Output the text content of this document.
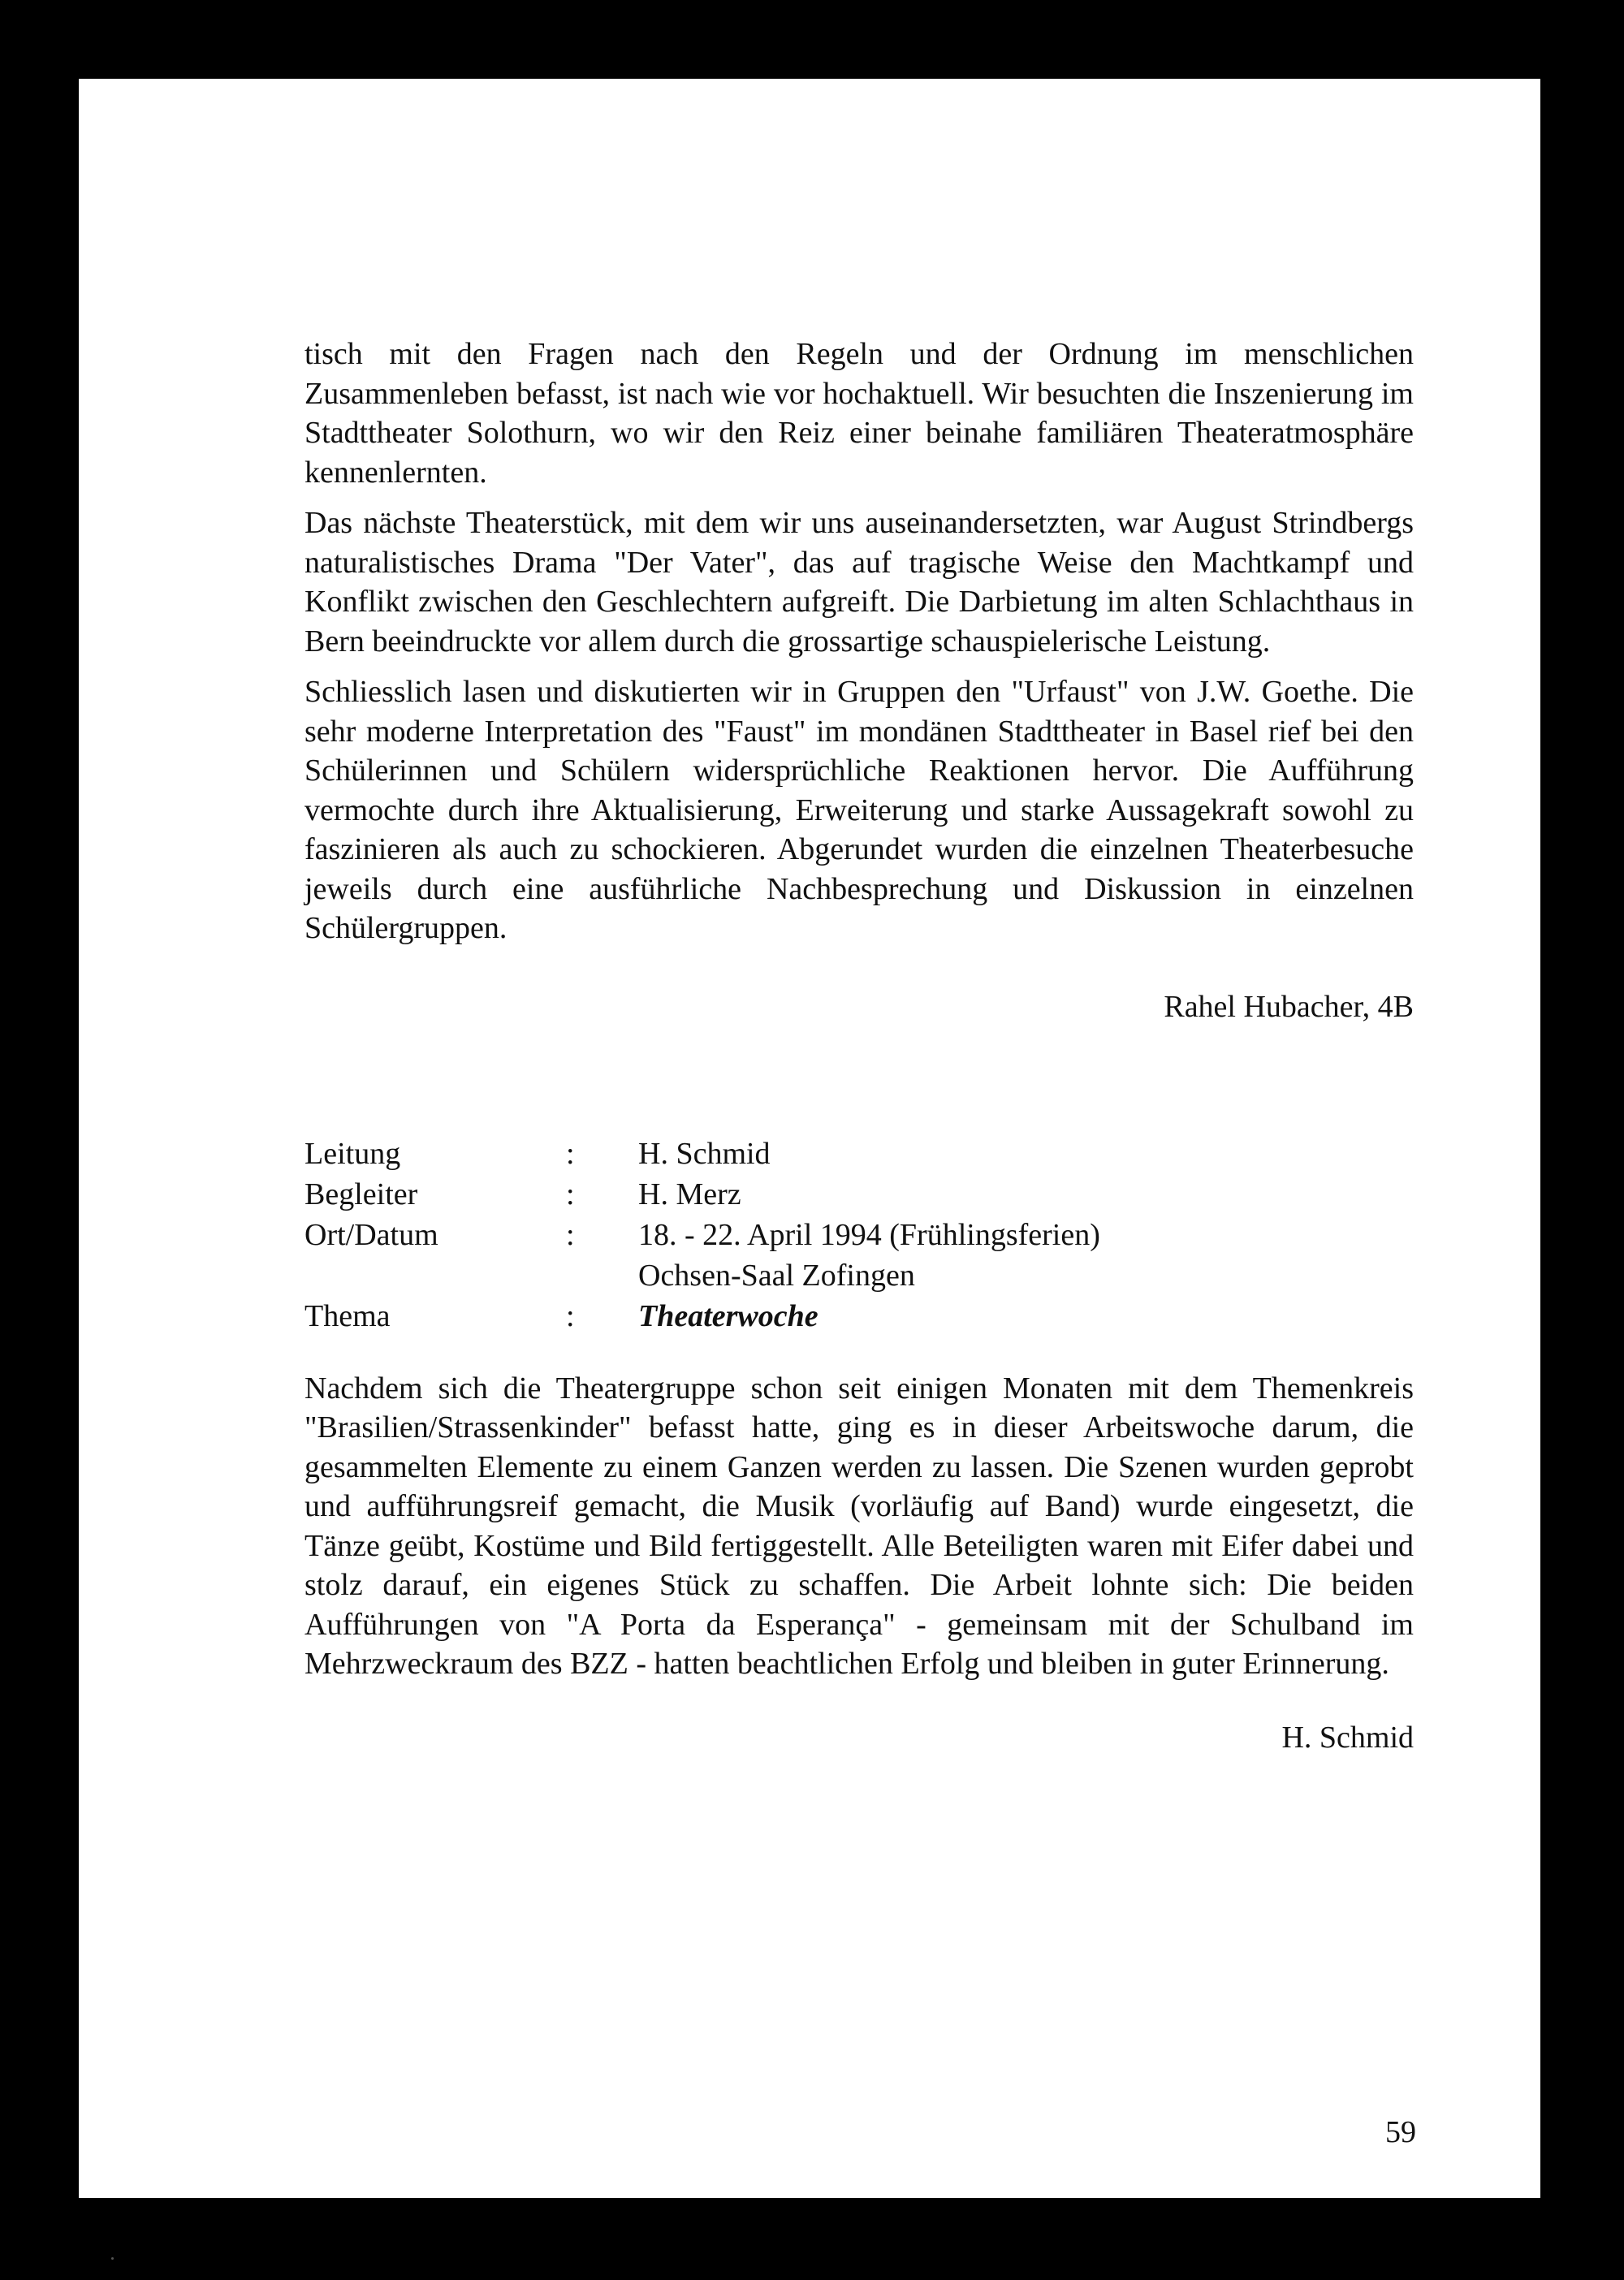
tisch mit den Fragen nach den Regeln und der Ordnung im menschlichen Zusammenleben befasst, ist nach wie vor hochaktuell. Wir besuchten die Inszenierung im Stadttheater Solothurn, wo wir den Reiz einer beinahe familiären Theateratmosphäre kennenlernten.

Das nächste Theaterstück, mit dem wir uns auseinandersetzten, war August Strindbergs naturalistisches Drama "Der Vater", das auf tragische Weise den Machtkampf und Konflikt zwischen den Geschlechtern aufgreift. Die Darbietung im alten Schlachthaus in Bern beeindruckte vor allem durch die grossartige schauspielerische Leistung.

Schliesslich lasen und diskutierten wir in Gruppen den "Urfaust" von J.W. Goethe. Die sehr moderne Interpretation des "Faust" im mondänen Stadttheater in Basel rief bei den Schülerinnen und Schülern widersprüchliche Reaktionen hervor. Die Aufführung vermochte durch ihre Aktualisierung, Erweiterung und starke Aussagekraft sowohl zu faszinieren als auch zu schockieren. Abgerundet wurden die einzelnen Theaterbesuche jeweils durch eine ausführliche Nachbesprechung und Diskussion in einzelnen Schülergruppen.

Rahel Hubacher, 4B

Leitung	:	H. Schmid
Begleiter	:	H. Merz
Ort/Datum	:	18. - 22. April 1994 (Frühlingsferien)
Ochsen-Saal Zofingen
Thema	:	Theaterwoche

Nachdem sich die Theatergruppe schon seit einigen Monaten mit dem Themenkreis "Brasilien/Strassenkinder" befasst hatte, ging es in dieser Arbeitswoche darum, die gesammelten Elemente zu einem Ganzen werden zu lassen. Die Szenen wurden geprobt und aufführungsreif gemacht, die Musik (vorläufig auf Band) wurde eingesetzt, die Tänze geübt, Kostüme und Bild fertiggestellt. Alle Beteiligten waren mit Eifer dabei und stolz darauf, ein eigenes Stück zu schaffen. Die Arbeit lohnte sich: Die beiden Aufführungen von "A Porta da Esperança" - gemeinsam mit der Schulband im Mehrzweckraum des BZZ - hatten beachtlichen Erfolg und bleiben in guter Erinnerung.

H. Schmid

59
